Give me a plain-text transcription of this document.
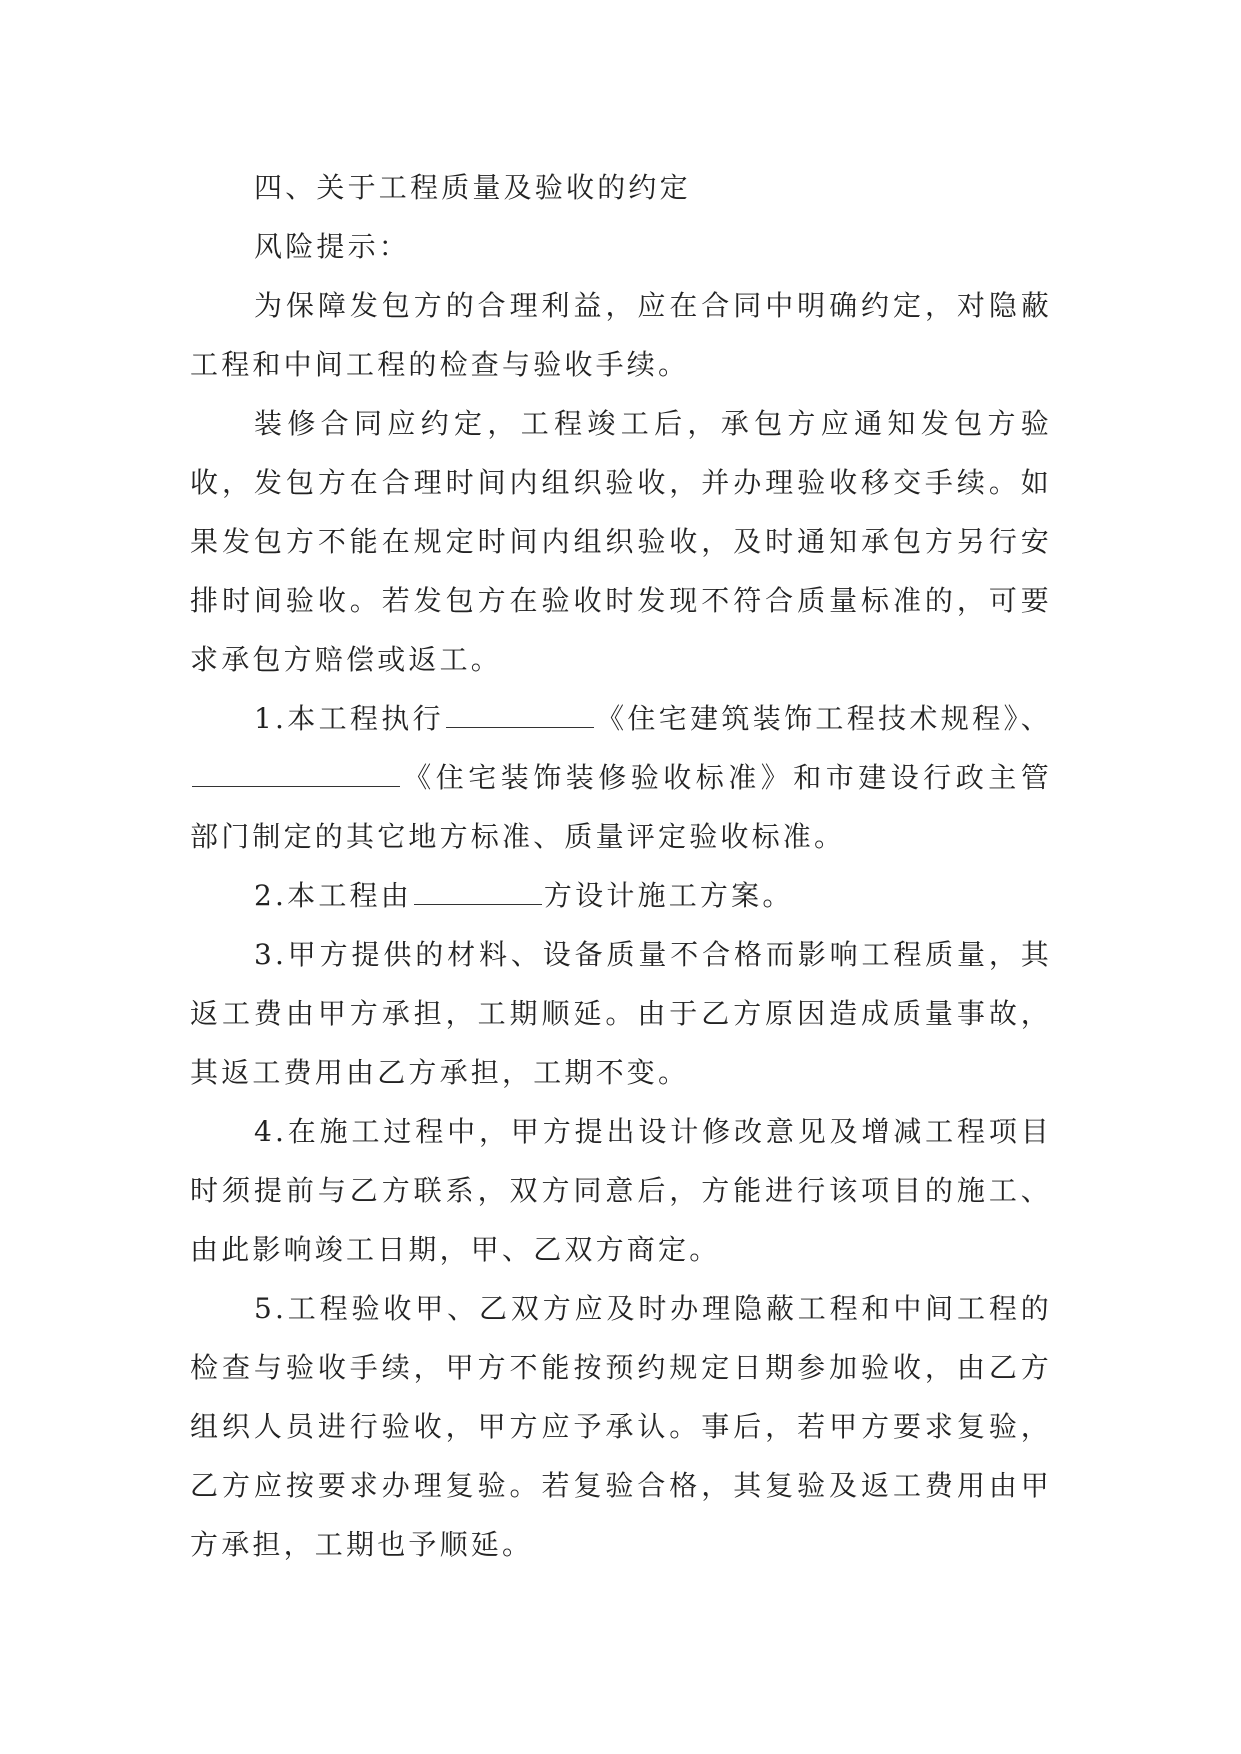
四、关于工程质量及验收的约定

风险提示：

为保障发包方的合理利益，应在合同中明确约定，对隐蔽工程和中间工程的检查与验收手续。

装修合同应约定，工程竣工后，承包方应通知发包方验收，发包方在合理时间内组织验收，并办理验收移交手续。如果发包方不能在规定时间内组织验收，及时通知承包方另行安排时间验收。若发包方在验收时发现不符合质量标准的，可要求承包方赔偿或返工。

1.本工程执行	《住宅建筑装饰工程技术规程》、《住宅装饰装修验收标准》和市建设行政主管部门制定的其它地方标准、质量评定验收标准。

2.本工程由	方设计施工方案。

3.甲方提供的材料、设备质量不合格而影响工程质量，其返工费由甲方承担，工期顺延。由于乙方原因造成质量事故，其返工费用由乙方承担，工期不变。

4.在施工过程中，甲方提出设计修改意见及增减工程项目时须提前与乙方联系，双方同意后，方能进行该项目的施工、由此影响竣工日期，甲、乙双方商定。

5.工程验收甲、乙双方应及时办理隐蔽工程和中间工程的检查与验收手续，甲方不能按预约规定日期参加验收，由乙方组织人员进行验收，甲方应予承认。事后，若甲方要求复验，乙方应按要求办理复验。若复验合格，其复验及返工费用由甲方承担，工期也予顺延。
